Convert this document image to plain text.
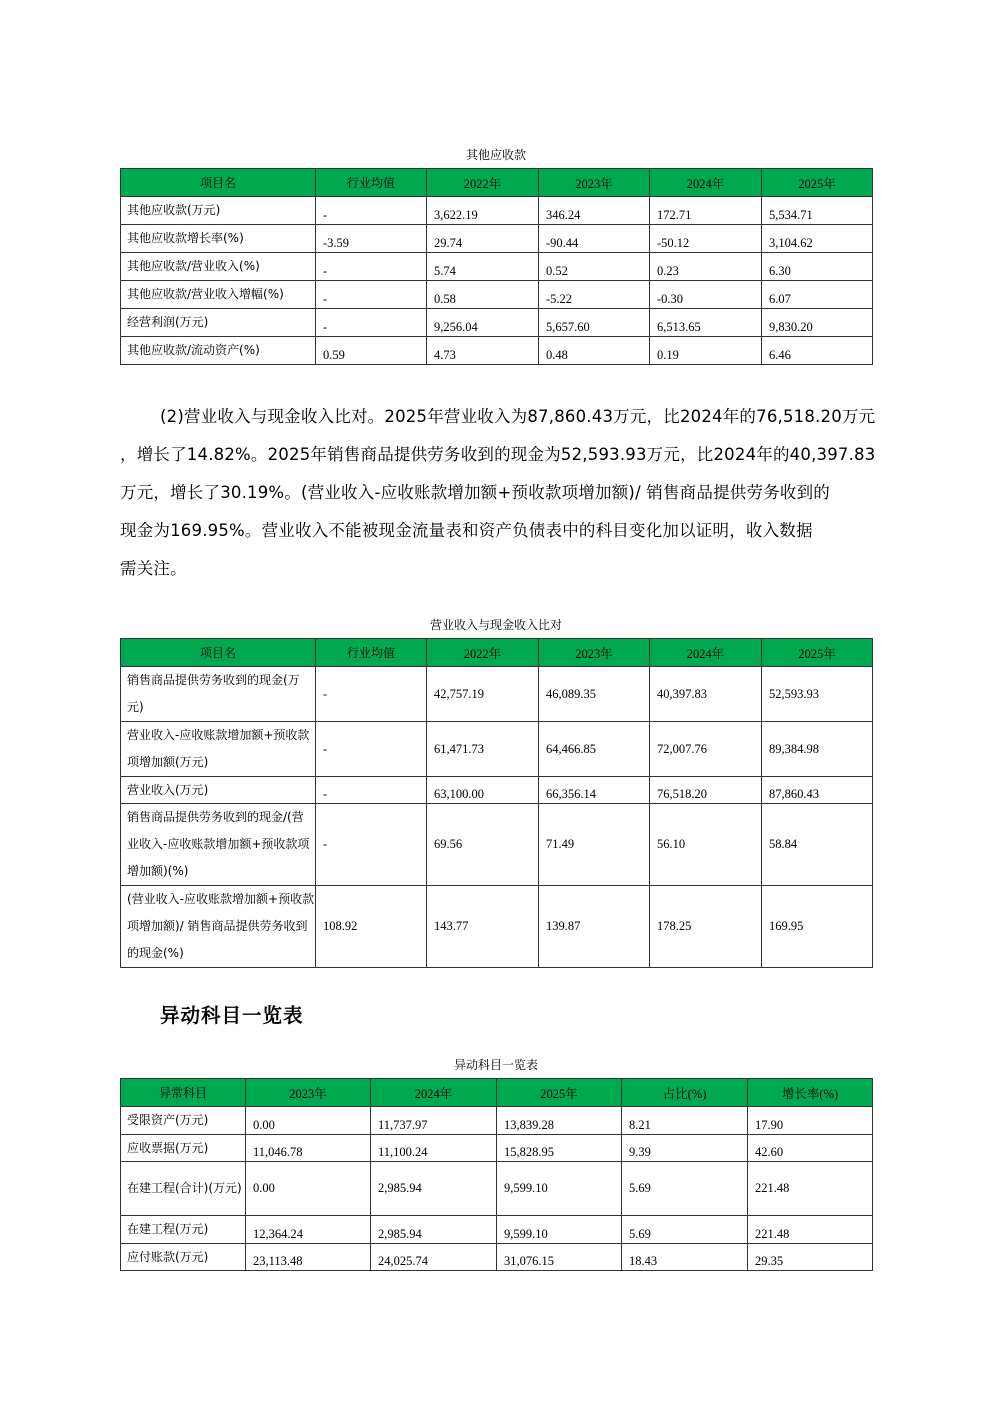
其他应收款
项目名	行业均值	2022年	2023年	2024年	2025年
其他应收款(万元)	-	3,622.19	346.24	172.71	5,534.71
其他应收款增长率(%)	-3.59	29.74	-90.44	-50.12	3,104.62
其他应收款/营业收入(%)	-	5.74	0.52	0.23	6.30
其他应收款/营业收入增幅(%)	-	0.58	-5.22	-0.30	6.07
经营利润(万元)	-	9,256.04	5,657.60	6,513.65	9,830.20
其他应收款/流动资产(%)	0.59	4.73	0.48	0.19	6.46
(2)营业收入与现金收入比对。2025年营业收入为87,860.43万元，比2024年的76,518.20万元
，增长了14.82%。2025年销售商品提供劳务收到的现金为52,593.93万元，比2024年的40,397.83
万元，增长了30.19%。(营业收入-应收账款增加额+预收款项增加额)/ 销售商品提供劳务收到的
现金为169.95%。营业收入不能被现金流量表和资产负债表中的科目变化加以证明，收入数据
需关注。
营业收入与现金收入比对
项目名	行业均值	2022年	2023年	2024年	2025年
销售商品提供劳务收到的现金(万元)	-	42,757.19	46,089.35	40,397.83	52,593.93
营业收入-应收账款增加额+预收款项增加额(万元)	-	61,471.73	64,466.85	72,007.76	89,384.98
营业收入(万元)	-	63,100.00	66,356.14	76,518.20	87,860.43
销售商品提供劳务收到的现金/(营业收入-应收账款增加额+预收款项增加额)(%)	-	69.56	71.49	56.10	58.84
(营业收入-应收账款增加额+预收款项增加额)/ 销售商品提供劳务收到的现金(%)	108.92	143.77	139.87	178.25	169.95
异动科目一览表
异动科目一览表
异常科目	2023年	2024年	2025年	占比(%)	增长率(%)
受限资产(万元)	0.00	11,737.97	13,839.28	8.21	17.90
应收票据(万元)	11,046.78	11,100.24	15,828.95	9.39	42.60
在建工程(合计)(万元)	0.00	2,985.94	9,599.10	5.69	221.48
在建工程(万元)	12,364.24	2,985.94	9,599.10	5.69	221.48
应付账款(万元)	23,113.48	24,025.74	31,076.15	18.43	29.35
